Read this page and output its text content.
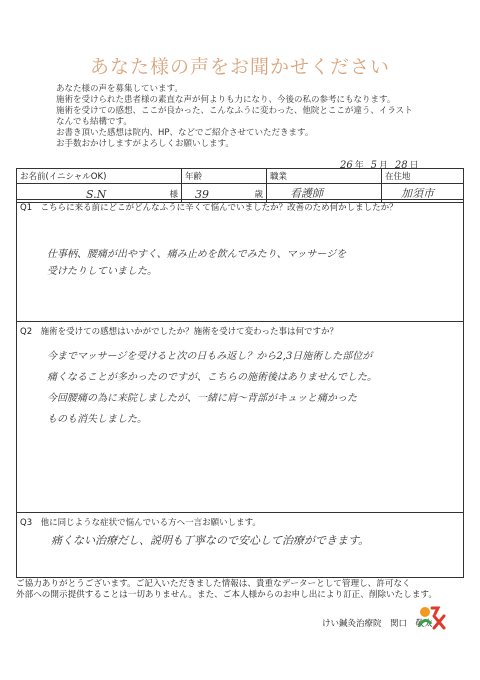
あなた様の声をお聞かせください
あなた様の声を募集しています。
施術を受けられた患者様の素直な声が何よりも力になり、今後の私の参考にもなります。
施術を受けての感想、ここが良かった、こんなふうに変わった、他院とここが違う、イラスト
なんでも結構です。
お書き頂いた感想は院内、HP、などでご紹介させていただきます。
お手数おかけしますがよろしくお願いします。
26 年 5 月 28 日
お名前(イニシャルOK)	年齢	職業	在住地
S.N 様	39 歳	看護師	加須市
Q1　こちらに来る前にどこがどんなふうに辛くて悩んでいましたか？改善のため何かしましたか？
仕事柄、腰痛が出やすく、痛み止めを飲んでみたり、マッサージを
受けたりしていました。
Q2　施術を受けての感想はいかがでしたか？施術を受けて変わった事は何ですか？
今までマッサージを受けると次の日もみ返し？から2,3日施術した部位が
痛くなることが多かったのですが、こちらの施術後はありませんでした。
今回腰痛の為に来院しましたが、一緒に肩〜背部がキュッと痛かった
ものも消失しました。
Q3　他に同じような症状で悩んでいる方へ一言お願いします。
痛くない治療だし、説明も丁寧なので安心して治療ができます。
ご協力ありがとうございます。ご記入いただきました情報は、貴重なデーターとして管理し、許可なく
外部への開示提供することは一切ありません。また、ご本人様からのお申し出により訂正、削除いたします。
けい鍼灸治療院　関口　敬太
